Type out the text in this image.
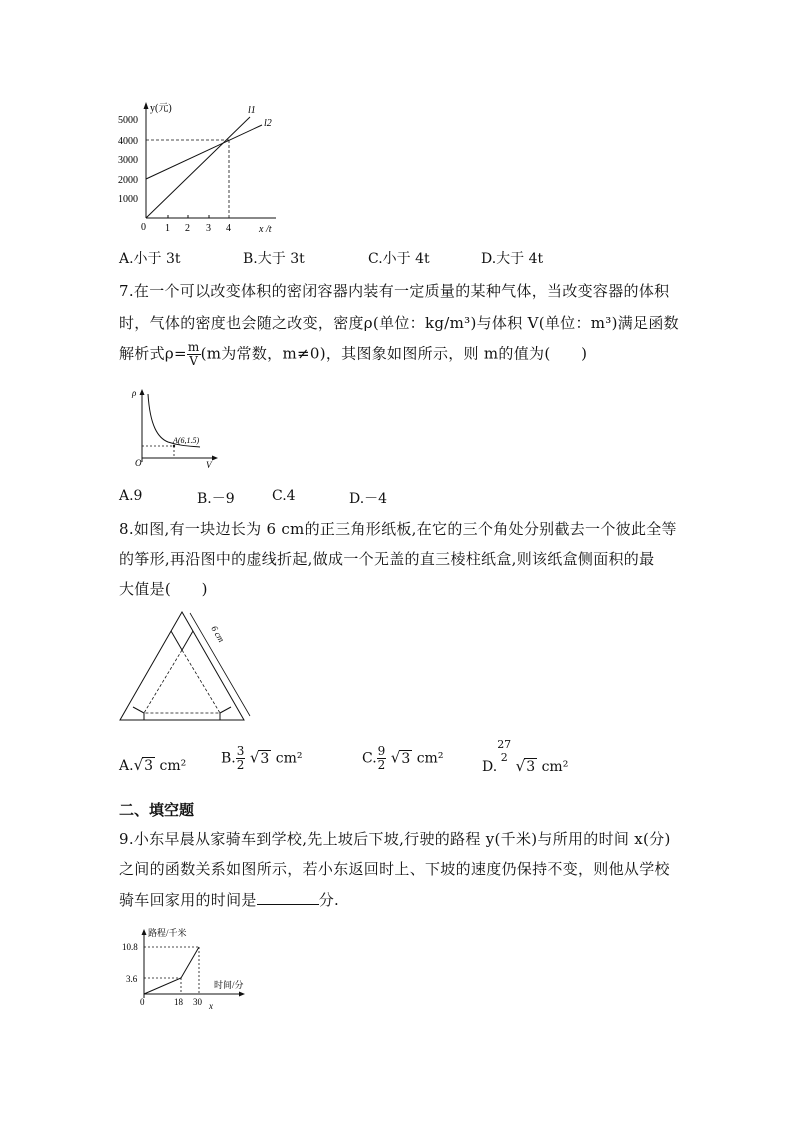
y(元)
5000
4000
3000
2000
1000
0 1 2 3 4	x /t
l1
l2
A.小于 3t	B.大于 3t	C.小于 4t	D.大于 4t
7.在一个可以改变体积的密闭容器内装有一定质量的某种气体，当改变容器的体积
时，气体的密度也会随之改变，密度ρ(单位：kg/m³)与体积 V(单位：m³)满足函数
解析式$\rho= \frac{m}{V} (m$为常数，m≠0)，其图象如图所示，则 m的值为(　　)
ρ
V
O
A(6,1.5)
A.9	B.－9	C.4	D.－4
8.如图,有一块边长为 6 cm的正三角形纸板,在它的三个角处分别截去一个彼此全等
的筝形,再沿图中的虚线折起,做成一个无盖的直三棱柱纸盒,则该纸盒侧面积的最
大值是(　　)
6 cm
A.√3 cm² B. $\frac{3}{2} √3$ cm²	C. $\frac{9}{2} √3$ cm²
D.
27
2 √3 cm²
二、填空题
9.小东早晨从家骑车到学校,先上坡后下坡,行驶的路程 y(千米)与所用的时间 x(分)
之间的函数关系如图所示，若小东返回时上、下坡的速度仍保持不变，则他从学校
骑车回家用的时间是	分.
路程/千米
时间/分
x
10.8
3.6
0	18 30
